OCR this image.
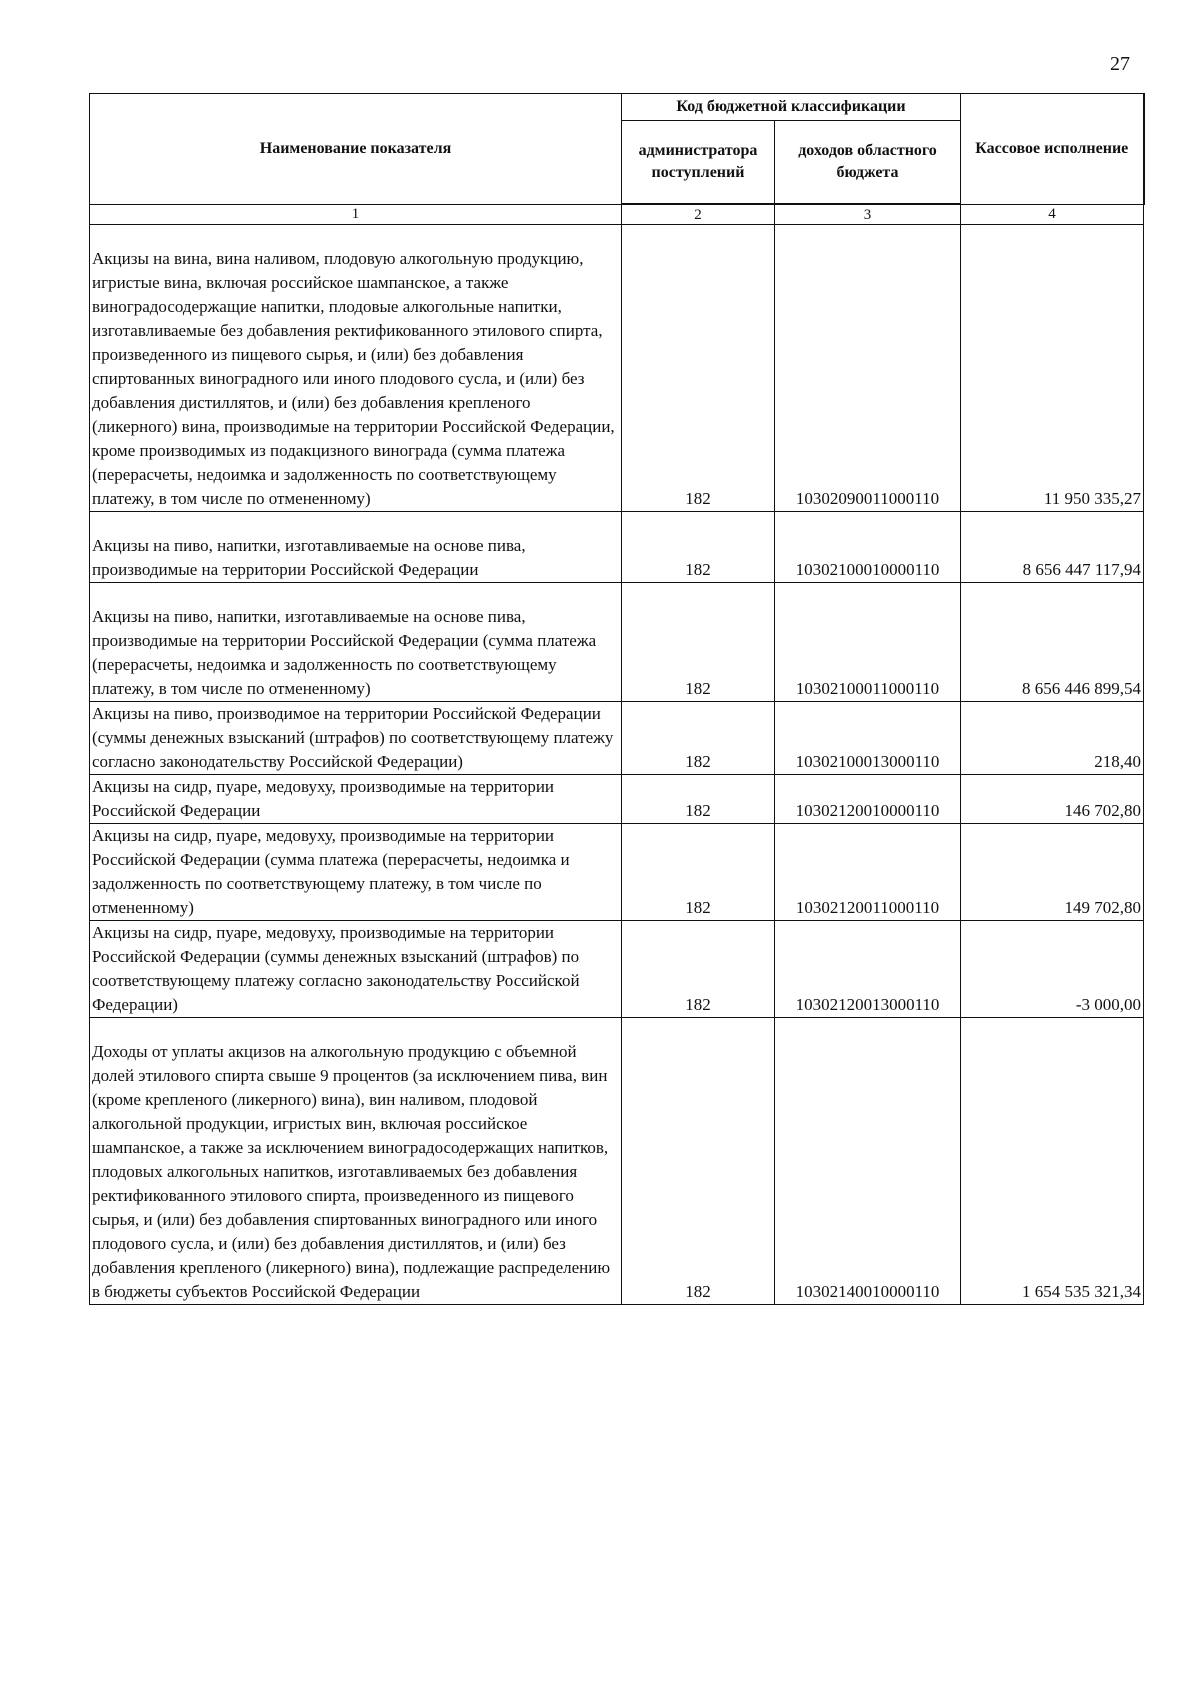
27
Наименование показателя	Код бюджетной классификации		Кассовое исполнение
	администратора поступлений	доходов областного бюджета	
1	2	3	4
Акцизы на вина, вина наливом, плодовую алкогольную продукцию, игристые вина, включая российское шампанское, а также виноградосодержащие напитки, плодовые алкогольные напитки, изготавливаемые без добавления ректификованного этилового спирта, произведенного из пищевого сырья, и (или) без добавления спиртованных виноградного или иного плодового сусла, и (или) без добавления дистиллятов, и (или) без добавления крепленого (ликерного) вина, производимые на территории Российской Федерации, кроме производимых из подакцизного винограда (сумма платежа (перерасчеты, недоимка и задолженность по соответствующему платежу, в том числе по отмененному)	182	10302090011000110	11 950 335,27
Акцизы на пиво, напитки, изготавливаемые на основе пива, производимые на территории Российской Федерации	182	10302100010000110	8 656 447 117,94
Акцизы на пиво, напитки, изготавливаемые на основе пива, производимые на территории Российской Федерации (сумма платежа (перерасчеты, недоимка и задолженность по соответствующему платежу, в том числе по отмененному)	182	10302100011000110	8 656 446 899,54
Акцизы на пиво, производимое на территории Российской Федерации (суммы денежных взысканий (штрафов) по соответствующему платежу согласно законодательству Российской Федерации)	182	10302100013000110	218,40
Акцизы на сидр, пуаре, медовуху, производимые на территории Российской Федерации	182	10302120010000110	146 702,80
Акцизы на сидр, пуаре, медовуху, производимые на территории Российской Федерации (сумма платежа (перерасчеты, недоимка и задолженность по соответствующему платежу, в том числе по отмененному)	182	10302120011000110	149 702,80
Акцизы на сидр, пуаре, медовуху, производимые на территории Российской Федерации (суммы денежных взысканий (штрафов) по соответствующему платежу согласно законодательству Российской Федерации)	182	10302120013000110	-3 000,00
Доходы от уплаты акцизов на алкогольную продукцию с объемной долей этилового спирта свыше 9 процентов (за исключением пива, вин (кроме крепленого (ликерного) вина), вин наливом, плодовой алкогольной продукции, игристых вин, включая российское шампанское, а также за исключением виноградосодержащих напитков, плодовых алкогольных напитков, изготавливаемых без добавления ректификованного этилового спирта, произведенного из пищевого сырья, и (или) без добавления спиртованных виноградного или иного плодового сусла, и (или) без добавления дистиллятов, и (или) без добавления крепленого (ликерного) вина), подлежащие распределению в бюджеты субъектов Российской Федерации	182	10302140010000110	1 654 535 321,34
